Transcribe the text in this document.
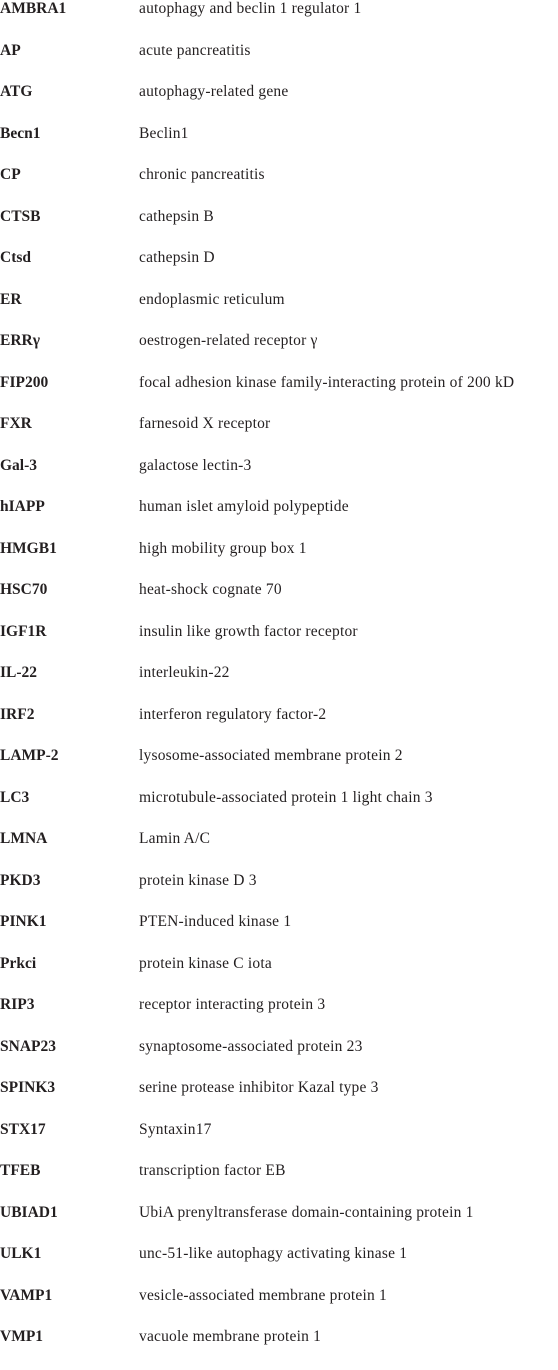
AMBRA1	autophagy and beclin 1 regulator 1
AP	acute pancreatitis
ATG	autophagy-related gene
Becn1	Beclin1
CP	chronic pancreatitis
CTSB	cathepsin B
Ctsd	cathepsin D
ER	endoplasmic reticulum
ERRγ	oestrogen-related receptor γ
FIP200	focal adhesion kinase family-interacting protein of 200 kD
FXR	farnesoid X receptor
Gal-3	galactose lectin-3
hIAPP	human islet amyloid polypeptide
HMGB1	high mobility group box 1
HSC70	heat-shock cognate 70
IGF1R	insulin like growth factor receptor
IL-22	interleukin-22
IRF2	interferon regulatory factor-2
LAMP-2	lysosome-associated membrane protein 2
LC3	microtubule-associated protein 1 light chain 3
LMNA	Lamin A/C
PKD3	protein kinase D 3
PINK1	PTEN-induced kinase 1
Prkci	protein kinase C iota
RIP3	receptor interacting protein 3
SNAP23	synaptosome-associated protein 23
SPINK3	serine protease inhibitor Kazal type 3
STX17	Syntaxin17
TFEB	transcription factor EB
UBIAD1	UbiA prenyltransferase domain-containing protein 1
ULK1	unc-51-like autophagy activating kinase 1
VAMP1	vesicle-associated membrane protein 1
VMP1	vacuole membrane protein 1
